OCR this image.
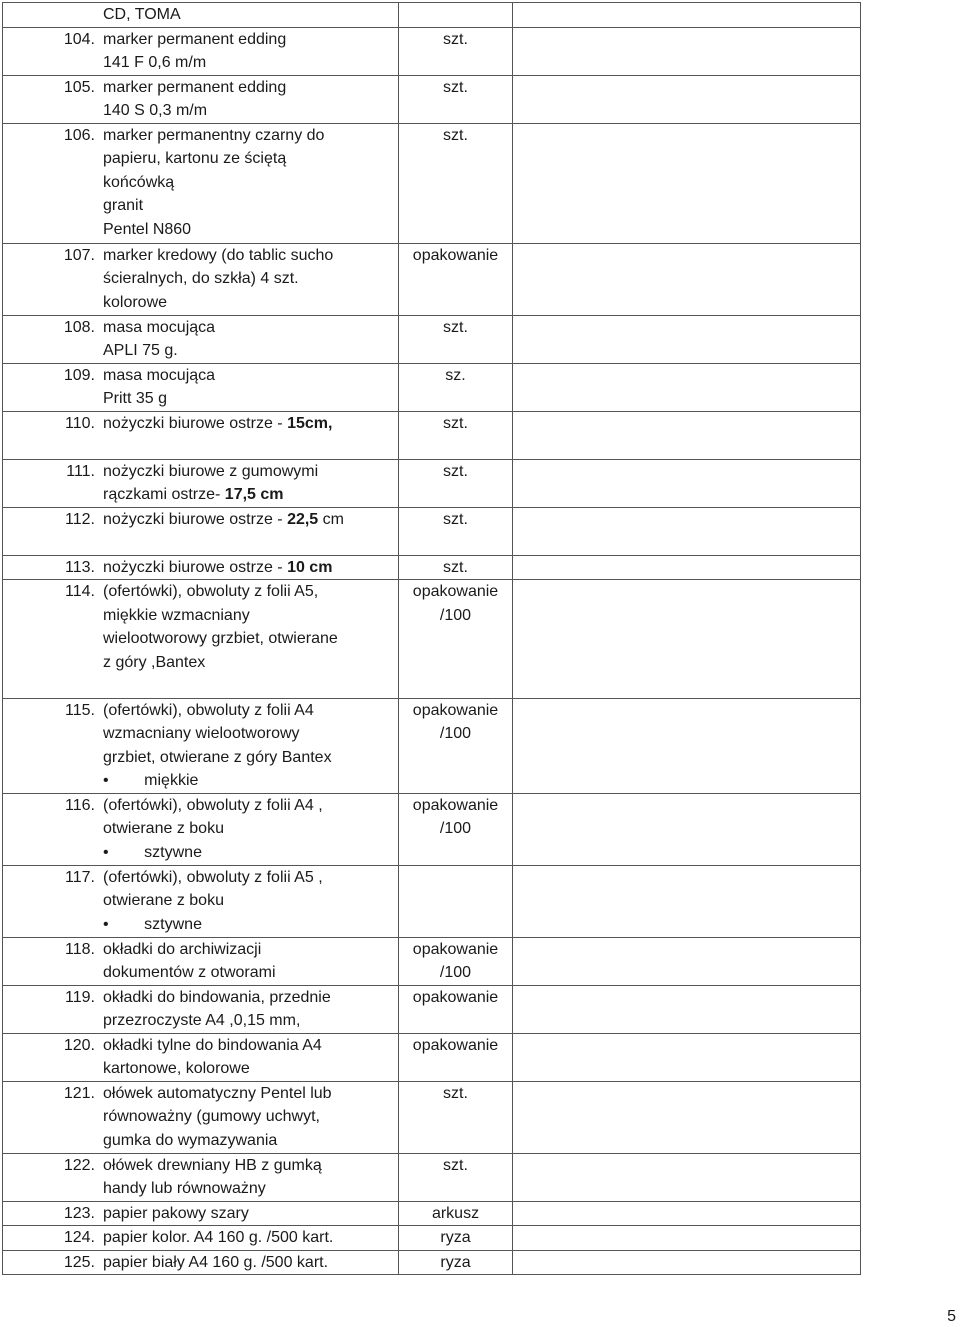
CD, TOMA		

104. marker permanent edding
141 F 0,6 m/m	szt.	

105. marker permanent edding
140 S 0,3 m/m	szt.	

106. marker permanentny czarny do
papieru, kartonu ze ściętą
końcówką
granit
Pentel N860	szt.	

107. marker kredowy (do tablic sucho
ścieralnych, do szkła) 4 szt.
kolorowe	opakowanie	

108. masa mocująca
APLI 75 g.	szt.	

109. masa mocująca
Pritt 35 g	sz.	

110. nożyczki biurowe ostrze - 15cm,	szt.	

111. nożyczki biurowe z gumowymi
rączkami ostrze- 17,5 cm	szt.	

112. nożyczki biurowe ostrze - 22,5 cm	szt.	

113. nożyczki biurowe ostrze - 10 cm	szt.	

114. (ofertówki), obwoluty z folii A5,
miękkie wzmacniany
wielootworowy grzbiet, otwierane
z góry ,Bantex	opakowanie
/100	

115. (ofertówki), obwoluty z folii A4
wzmacniany wielootworowy
grzbiet, otwierane z góry Bantex
•        miękkie	opakowanie
/100	

116. (ofertówki), obwoluty z folii A4 ,
otwierane z boku
•        sztywne	opakowanie
/100	

117. (ofertówki), obwoluty z folii A5 ,
otwierane z boku
•        sztywne		

118. okładki do archiwizacji
dokumentów z otworami	opakowanie
/100	

119. okładki do bindowania, przednie
przezroczyste A4 ,0,15 mm,	opakowanie	

120. okładki tylne do bindowania A4
kartonowe, kolorowe	opakowanie	

121. ołówek automatyczny Pentel lub
równoważny (gumowy uchwyt,
gumka do wymazywania	szt.	

122. ołówek drewniany HB z gumką
handy lub równoważny	szt.	

123. papier pakowy szary	arkusz	

124. papier kolor. A4 160 g. /500 kart.	ryza	

125. papier biały A4 160 g. /500 kart.	ryza	

5
